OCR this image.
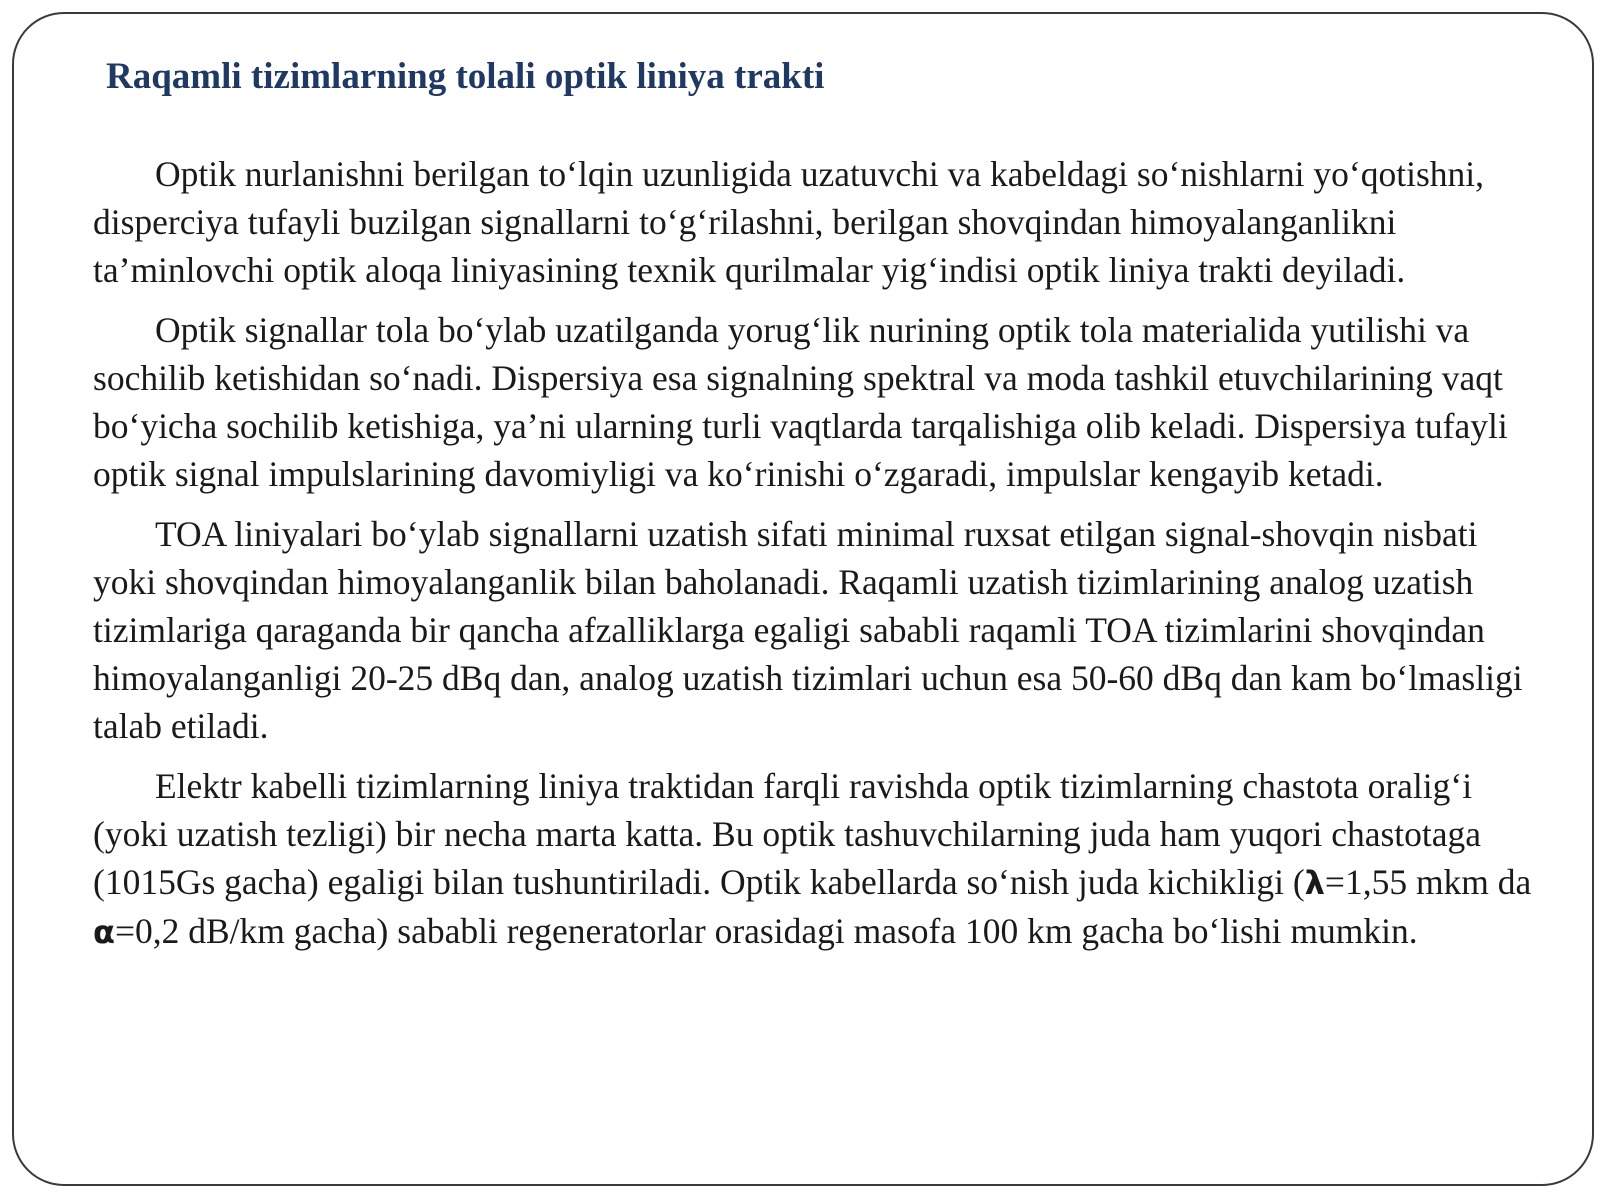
Raqamli tizimlarning tolali optik liniya trakti

Optik nurlanishni berilgan to‘lqin uzunligida uzatuvchi va kabeldagi so‘nishlarni yo‘qotishni, disperciya tufayli buzilgan signallarni to‘g‘rilashni, berilgan shovqindan himoyalanganlikni ta’minlovchi optik aloqa liniyasining texnik qurilmalar yig‘indisi optik liniya trakti deyiladi.

Optik signallar tola bo‘ylab uzatilganda yorug‘lik nurining optik tola materialida yutilishi va sochilib ketishidan so‘nadi. Dispersiya esa signalning spektral va moda tashkil etuvchilarining vaqt bo‘yicha sochilib ketishiga, ya’ni ularning turli vaqtlarda tarqalishiga olib keladi. Dispersiya tufayli optik signal impulslarining davomiyligi va ko‘rinishi o‘zgaradi, impulslar kengayib ketadi.

TOA liniyalari bo‘ylab signallarni uzatish sifati minimal ruxsat etilgan signal-shovqin nisbati yoki shovqindan himoyalanganlik bilan baholanadi. Raqamli uzatish tizimlarining analog uzatish tizimlariga qaraganda bir qancha afzalliklarga egaligi sababli raqamli TOA tizimlarini shovqindan himoyalanganligi 20-25 dBq dan, analog uzatish tizimlari uchun esa 50-60 dBq dan kam bo‘lmasligi talab etiladi.

Elektr kabelli tizimlarning liniya traktidan farqli ravishda optik tizimlarning chastota oralig‘i (yoki uzatish tezligi) bir necha marta katta. Bu optik tashuvchilarning juda ham yuqori chastotaga (1015Gs gacha) egaligi bilan tushuntiriladi. Optik kabellarda so‘nish juda kichikligi (λ=1,55 mkm da α=0,2 dB/km gacha) sababli regeneratorlar orasidagi masofa 100 km gacha bo‘lishi mumkin.
